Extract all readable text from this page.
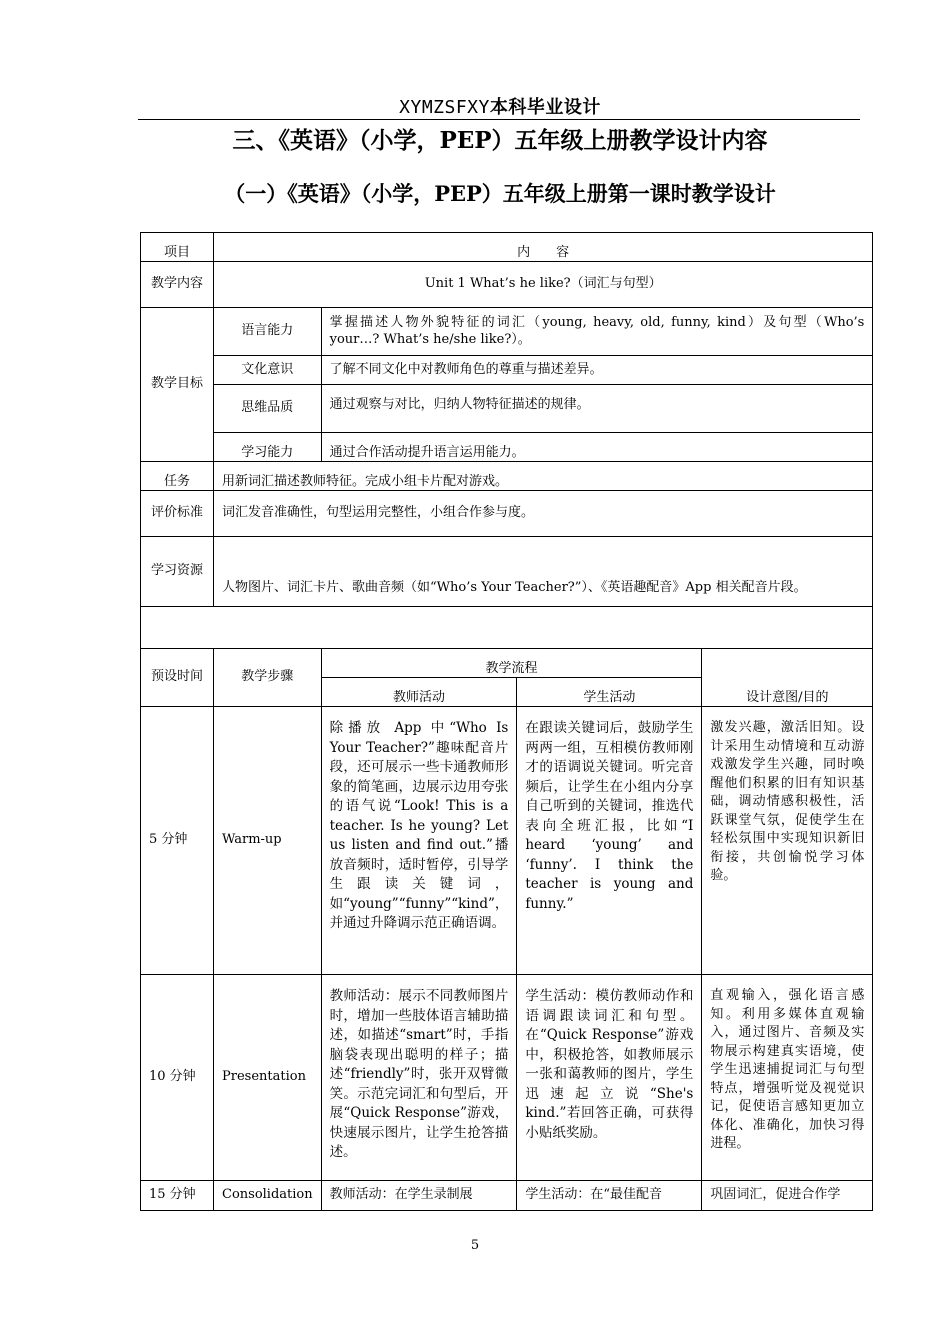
XYMZSFXY本科毕业设计
三、《英语》（小学，PEP）五年级上册教学设计内容
（一）《英语》（小学，PEP）五年级上册第一课时教学设计
项目	内　　容			
教学内容	Unit 1 What’s he like?（词汇与句型）			
教学目标	语言能力	掌握描述人物外貌特征的词汇（young, heavy, old, funny, kind）及句型（Who’s your…? What’s he/she like?）。		
	文化意识	了解不同文化中对教师角色的尊重与描述差异。		
	思维品质	通过观察与对比，归纳人物特征描述的规律。		
	学习能力	通过合作活动提升语言运用能力。		
任务	用新词汇描述教师特征。完成小组卡片配对游戏。			
评价标准	词汇发音准确性，句型运用完整性，小组合作参与度。			
学习资源	人物图片、词汇卡片、歌曲音频（如“Who’s Your Teacher?”）、《英语趣配音》App 相关配音片段。			

预设时间	教学步骤	教学流程		设计意图/目的
		教师活动	学生活动	
5 分钟	Warm-up	除播放 App 中“Who Is Your Teacher?”趣味配音片段，还可展示一些卡通教师形象的简笔画，边展示边用夸张的语气说“Look! This is a teacher. Is he young? Let us listen and find out.”播放音频时，适时暂停，引导学生跟读关键词，如“young”“funny”“kind”，并通过升降调示范正确语调。	在跟读关键词后，鼓励学生两两一组，互相模仿教师刚才的语调说关键词。听完音频后，让学生在小组内分享自己听到的关键词，推选代表向全班汇报，比如“I heard ‘young’ and ‘funny’. I think the teacher is young and funny.”	激发兴趣，激活旧知。设计采用生动情境和互动游戏激发学生兴趣，同时唤醒他们积累的旧有知识基础，调动情感积极性，活跃课堂气氛，促使学生在轻松氛围中实现知识新旧衔接，共创愉悦学习体验。
10 分钟	Presentation	教师活动：展示不同教师图片时，增加一些肢体语言辅助描述，如描述“smart”时，手指脑袋表现出聪明的样子；描述“friendly”时，张开双臂微笑。示范完词汇和句型后，开展“Quick Response”游戏，快速展示图片，让学生抢答描述。	学生活动：模仿教师动作和语调跟读词汇和句型。在“Quick Response”游戏中，积极抢答，如教师展示一张和蔼教师的图片，学生迅速起立说“She's kind.”若回答正确，可获得小贴纸奖励。	直观输入，强化语言感知。利用多媒体直观输入，通过图片、音频及实物展示构建真实语境，使学生迅速捕捉词汇与句型特点，增强听觉及视觉识记，促使语言感知更加立体化、准确化，加快习得进程。
15 分钟	Consolidation	教师活动：在学生录制展	学生活动：在“最佳配音	巩固词汇，促进合作学
5
